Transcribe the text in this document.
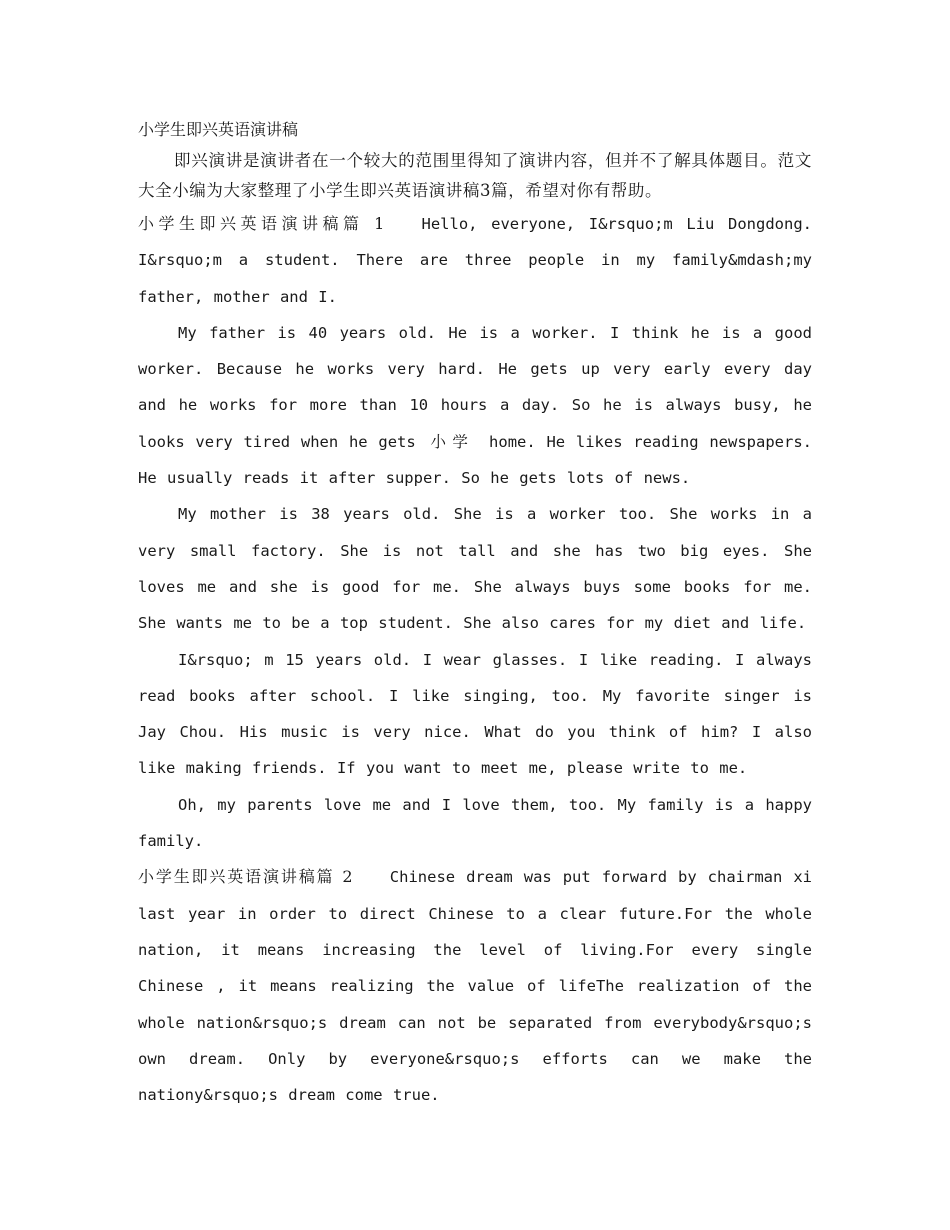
小学生即兴英语演讲稿

即兴演讲是演讲者在一个较大的范围里得知了演讲内容，但并不了解具体题目。范文大全小编为大家整理了小学生即兴英语演讲稿3篇，希望对你有帮助。

小学生即兴英语演讲稿篇 1 Hello, everyone, I&rsquo;m Liu Dongdong. I&rsquo;m a student. There are three people in my family&mdash;my father, mother and I.

My father is 40 years old. He is a worker. I think he is a good worker. Because he works very hard. He gets up very early every day and he works for more than 10 hours a day. So he is always busy, he looks very tired when he gets 小学 home. He likes reading newspapers. He usually reads it after supper. So he gets lots of news.

My mother is 38 years old. She is a worker too. She works in a very small factory. She is not tall and she has two big eyes. She loves me and she is good for me. She always buys some books for me. She wants me to be a top student. She also cares for my diet and life.

I&rsquo; m 15 years old. I wear glasses. I like reading. I always read books after school. I like singing, too. My favorite singer is Jay Chou. His music is very nice. What do you think of him? I also like making friends. If you want to meet me, please write to me.

Oh, my parents love me and I love them, too. My family is a happy family.

小学生即兴英语演讲稿篇 2 Chinese dream was put forward by chairman xi last year in order to direct Chinese to a clear future.For the whole nation, it means increasing the level of living.For every single Chinese , it means realizing the value of lifeThe realization of the whole nation&rsquo;s dream can not be separated from everybody&rsquo;s own dream. Only by everyone&rsquo;s efforts can we make the nationy&rsquo;s dream come true.
